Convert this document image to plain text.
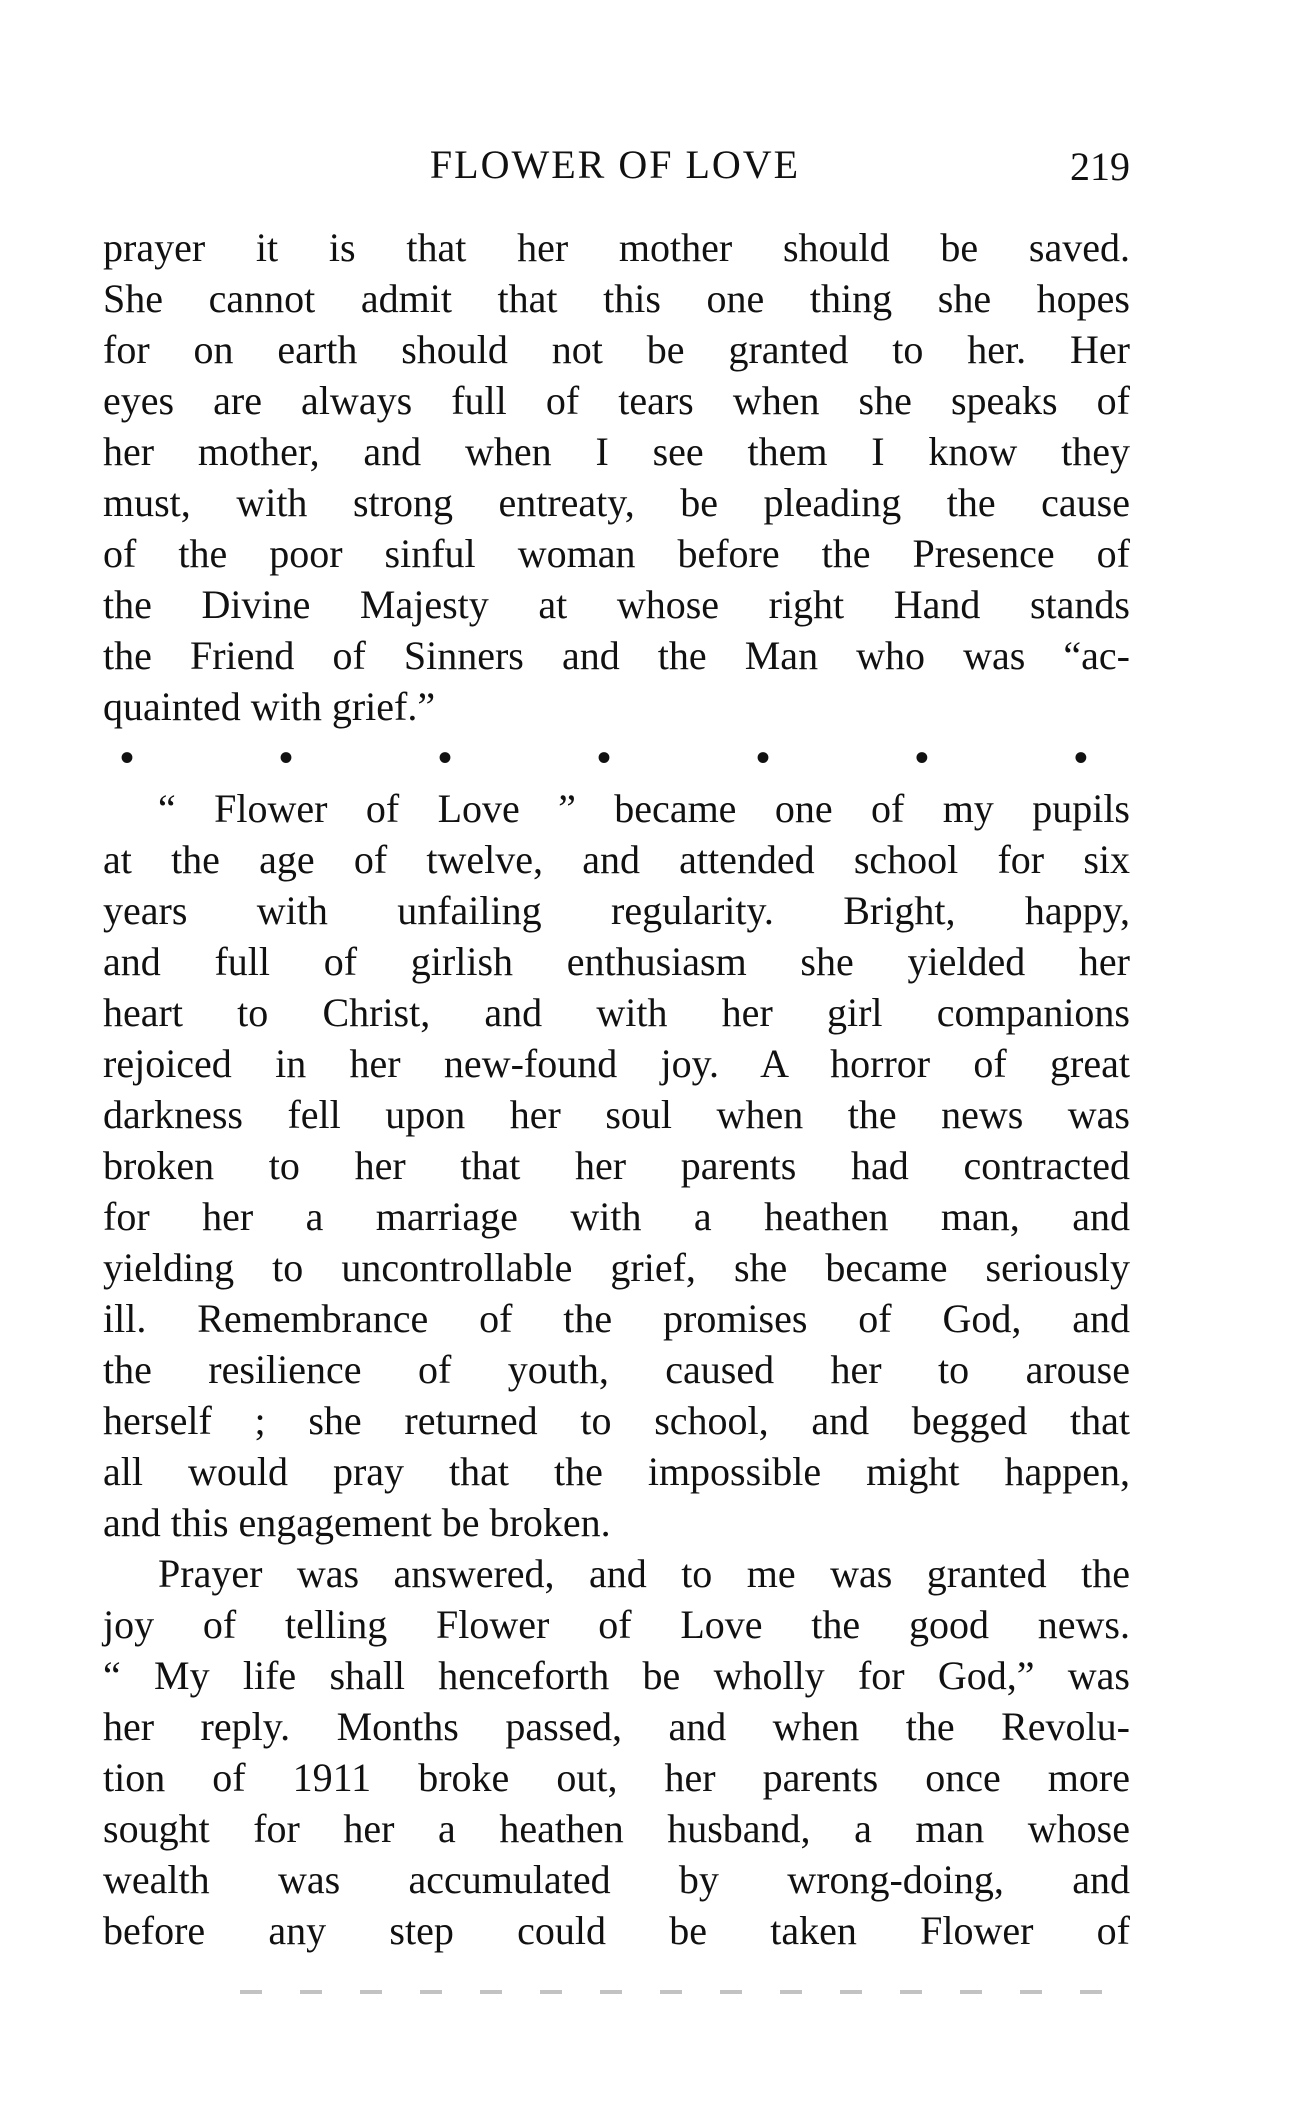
FLOWER OF LOVE	219
prayer it is that her mother should be saved.
She cannot admit that this one thing she hopes
for on earth should not be granted to her. Her
eyes are always full of tears when she speaks of
her mother, and when I see them I know they
must, with strong entreaty, be pleading the cause
of the poor sinful woman before the Presence of
the Divine Majesty at whose right Hand stands
the Friend of Sinners and the Man who was “ac-
quainted with grief.”
•	•	•	•	•	•	•
“ Flower of Love ” became one of my pupils
at the age of twelve, and attended school for six
years with unfailing regularity. Bright, happy,
and full of girlish enthusiasm she yielded her
heart to Christ, and with her girl companions
rejoiced in her new-found joy. A horror of great
darkness fell upon her soul when the news was
broken to her that her parents had contracted
for her a marriage with a heathen man, and
yielding to uncontrollable grief, she became seriously
ill. Remembrance of the promises of God, and
the resilience of youth, caused her to arouse
herself ; she returned to school, and begged that
all would pray that the impossible might happen,
and this engagement be broken.
Prayer was answered, and to me was granted the
joy of telling Flower of Love the good news.
“ My life shall henceforth be wholly for God,” was
her reply. Months passed, and when the Revolu-
tion of 1911 broke out, her parents once more
sought for her a heathen husband, a man whose
wealth was accumulated by wrong-doing, and
before any step could be taken Flower of
